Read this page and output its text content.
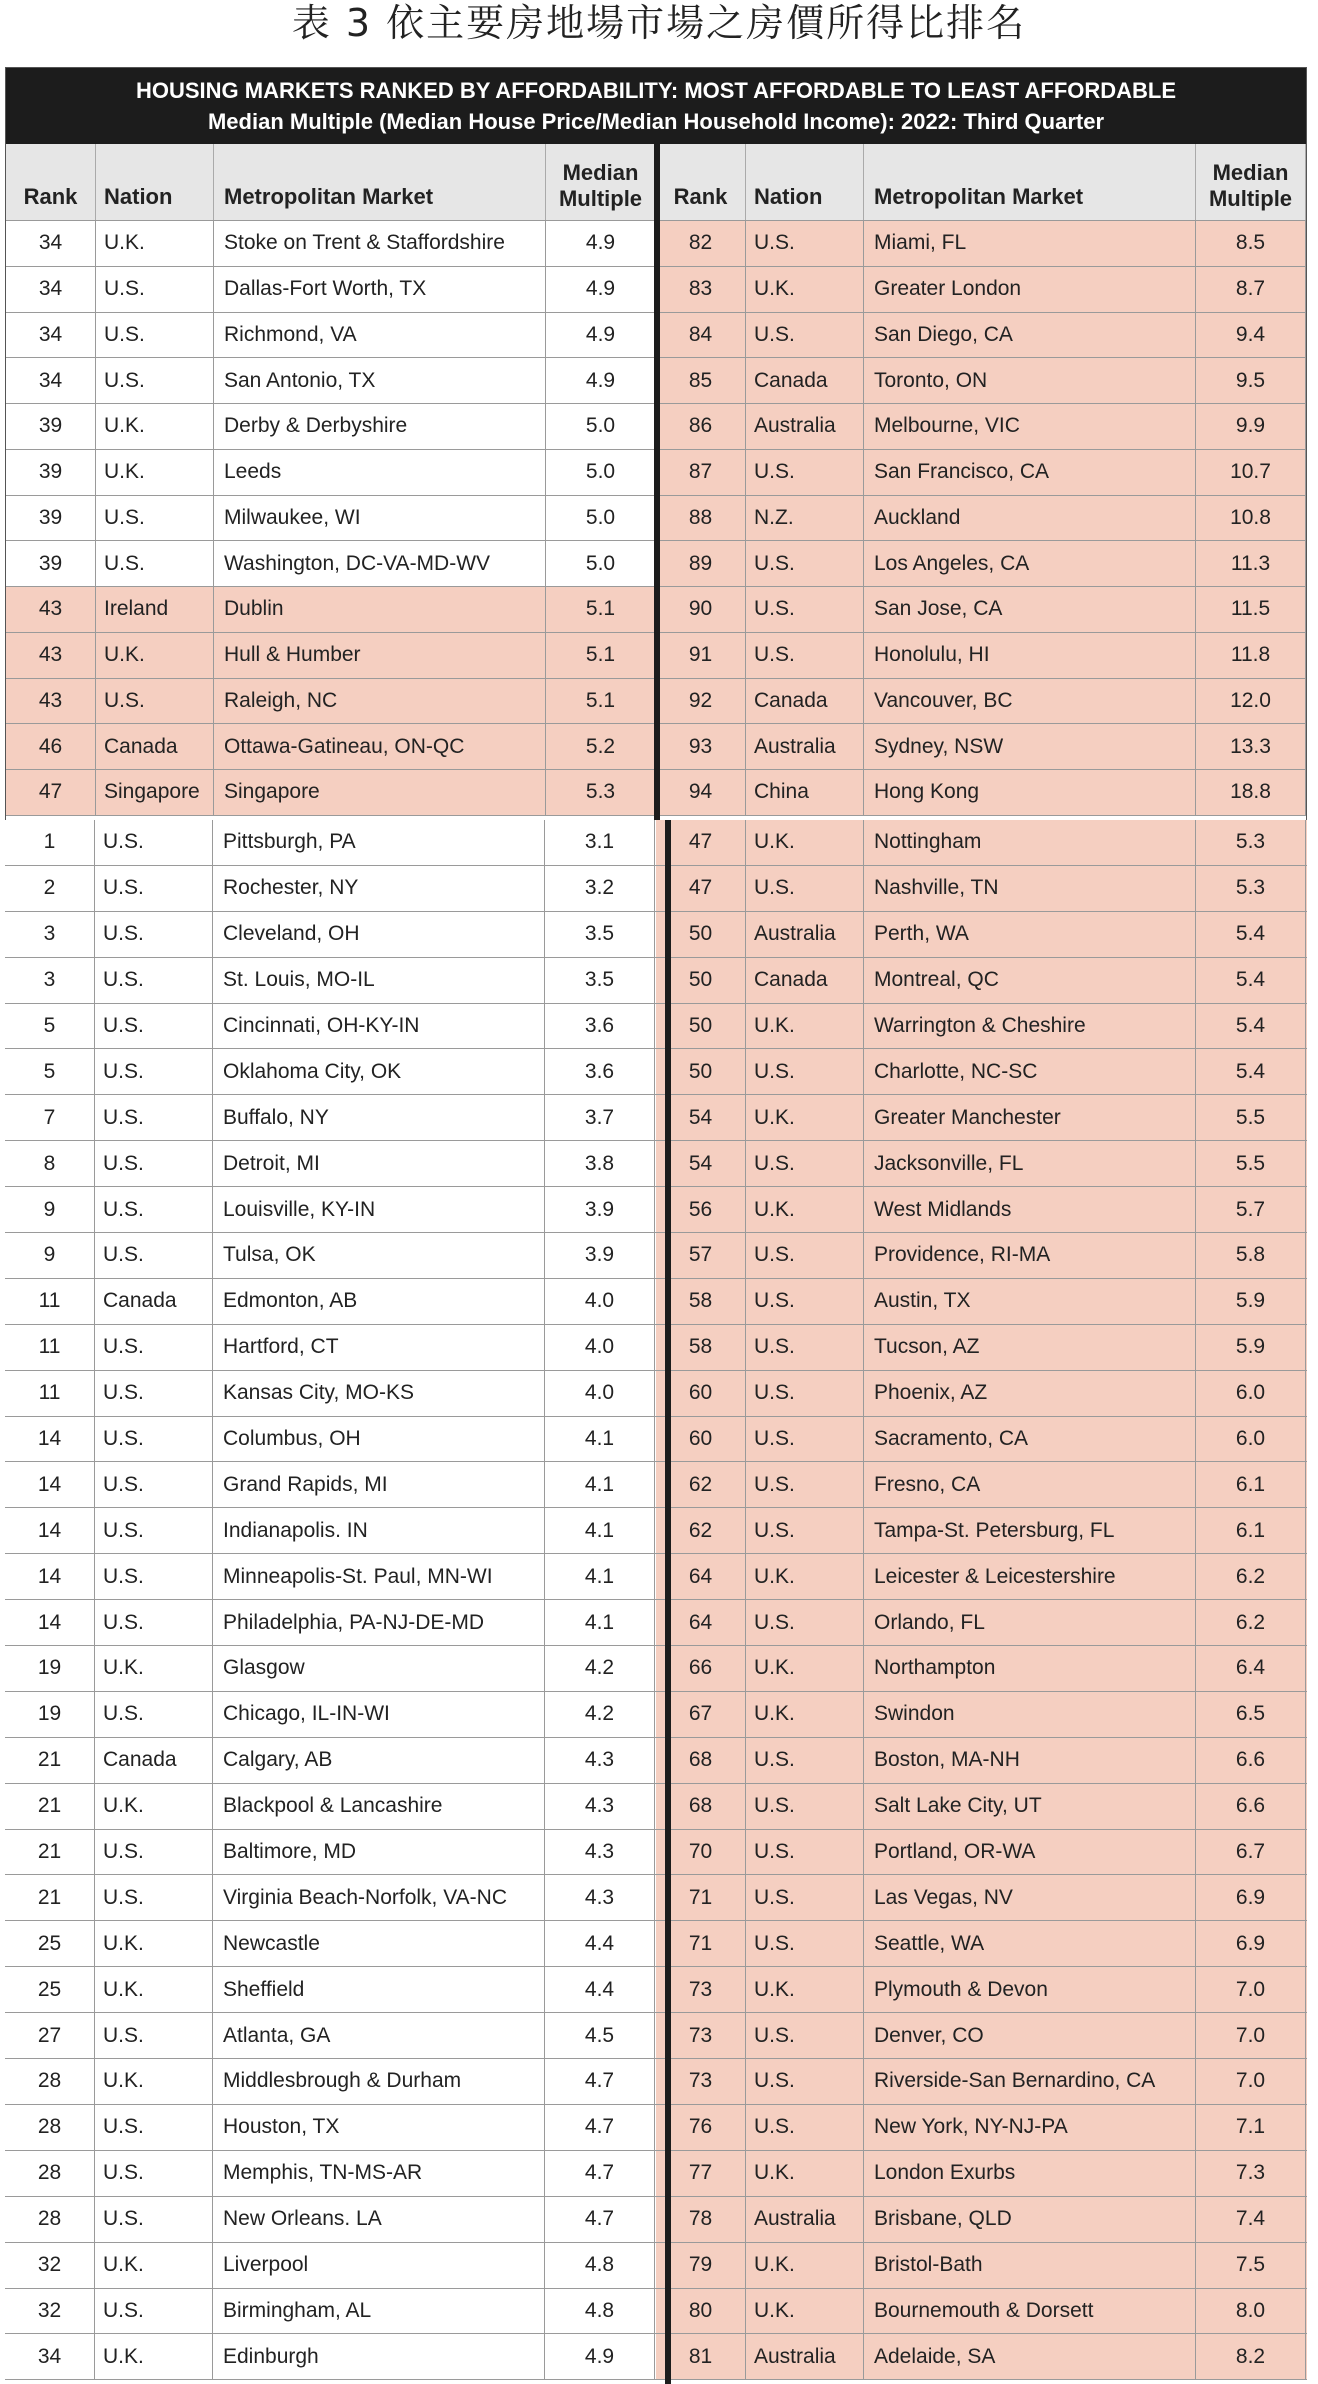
表 3 依主要房地場市場之房價所得比排名
HOUSING MARKETS RANKED BY AFFORDABILITY: MOST AFFORDABLE TO LEAST AFFORDABLE
Median Multiple (Median House Price/Median Household Income): 2022: Third Quarter
Rank	Nation	Metropolitan Market
Median
Multiple
34	U.K.	Stoke on Trent & Staffordshire	4.9
34	U.S.	Dallas-Fort Worth, TX	4.9
34	U.S.	Richmond, VA	4.9
34	U.S.	San Antonio, TX	4.9
39	U.K.	Derby & Derbyshire	5.0
39	U.K.	Leeds	5.0
39	U.S.	Milwaukee, WI	5.0
39	U.S.	Washington, DC-VA-MD-WV	5.0
43	Ireland	Dublin	5.1
43	U.K.	Hull & Humber	5.1
43	U.S.	Raleigh, NC	5.1
46	Canada	Ottawa-Gatineau, ON-QC	5.2
47	Singapore	Singapore	5.3
Rank	Nation	Metropolitan Market
Median
Multiple
82	U.S.	Miami, FL	8.5
83	U.K.	Greater London	8.7
84	U.S.	San Diego, CA	9.4
85	Canada	Toronto, ON	9.5
86	Australia	Melbourne, VIC	9.9
87	U.S.	San Francisco, CA	10.7
88	N.Z.	Auckland	10.8
89	U.S.	Los Angeles, CA	11.3
90	U.S.	San Jose, CA	11.5
91	U.S.	Honolulu, HI	11.8
92	Canada	Vancouver, BC	12.0
93	Australia	Sydney, NSW	13.3
94	China	Hong Kong	18.8
1	U.S.	Pittsburgh, PA	3.1
2	U.S.	Rochester, NY	3.2
3	U.S.	Cleveland, OH	3.5
3	U.S.	St. Louis, MO-IL	3.5
5	U.S.	Cincinnati, OH-KY-IN	3.6
5	U.S.	Oklahoma City, OK	3.6
7	U.S.	Buffalo, NY	3.7
8	U.S.	Detroit, MI	3.8
9	U.S.	Louisville, KY-IN	3.9
9	U.S.	Tulsa, OK	3.9
11	Canada	Edmonton, AB	4.0
11	U.S.	Hartford, CT	4.0
11	U.S.	Kansas City, MO-KS	4.0
14	U.S.	Columbus, OH	4.1
14	U.S.	Grand Rapids, MI	4.1
14	U.S.	Indianapolis. IN	4.1
14	U.S.	Minneapolis-St. Paul, MN-WI	4.1
14	U.S.	Philadelphia, PA-NJ-DE-MD	4.1
19	U.K.	Glasgow	4.2
19	U.S.	Chicago, IL-IN-WI	4.2
21	Canada	Calgary, AB	4.3
21	U.K.	Blackpool & Lancashire	4.3
21	U.S.	Baltimore, MD	4.3
21	U.S.	Virginia Beach-Norfolk, VA-NC	4.3
25	U.K.	Newcastle	4.4
25	U.K.	Sheffield	4.4
27	U.S.	Atlanta, GA	4.5
28	U.K.	Middlesbrough & Durham	4.7
28	U.S.	Houston, TX	4.7
28	U.S.	Memphis, TN-MS-AR	4.7
28	U.S.	New Orleans. LA	4.7
32	U.K.	Liverpool	4.8
32	U.S.	Birmingham, AL	4.8
34	U.K.	Edinburgh	4.9
47	U.K.	Nottingham	5.3
47	U.S.	Nashville, TN	5.3
50	Australia	Perth, WA	5.4
50	Canada	Montreal, QC	5.4
50	U.K.	Warrington & Cheshire	5.4
50	U.S.	Charlotte, NC-SC	5.4
54	U.K.	Greater Manchester	5.5
54	U.S.	Jacksonville, FL	5.5
56	U.K.	West Midlands	5.7
57	U.S.	Providence, RI-MA	5.8
58	U.S.	Austin, TX	5.9
58	U.S.	Tucson, AZ	5.9
60	U.S.	Phoenix, AZ	6.0
60	U.S.	Sacramento, CA	6.0
62	U.S.	Fresno, CA	6.1
62	U.S.	Tampa-St. Petersburg, FL	6.1
64	U.K.	Leicester & Leicestershire	6.2
64	U.S.	Orlando, FL	6.2
66	U.K.	Northampton	6.4
67	U.K.	Swindon	6.5
68	U.S.	Boston, MA-NH	6.6
68	U.S.	Salt Lake City, UT	6.6
70	U.S.	Portland, OR-WA	6.7
71	U.S.	Las Vegas, NV	6.9
71	U.S.	Seattle, WA	6.9
73	U.K.	Plymouth & Devon	7.0
73	U.S.	Denver, CO	7.0
73	U.S.	Riverside-San Bernardino, CA	7.0
76	U.S.	New York, NY-NJ-PA	7.1
77	U.K.	London Exurbs	7.3
78	Australia	Brisbane, QLD	7.4
79	U.K.	Bristol-Bath	7.5
80	U.K.	Bournemouth & Dorsett	8.0
81	Australia	Adelaide, SA	8.2
